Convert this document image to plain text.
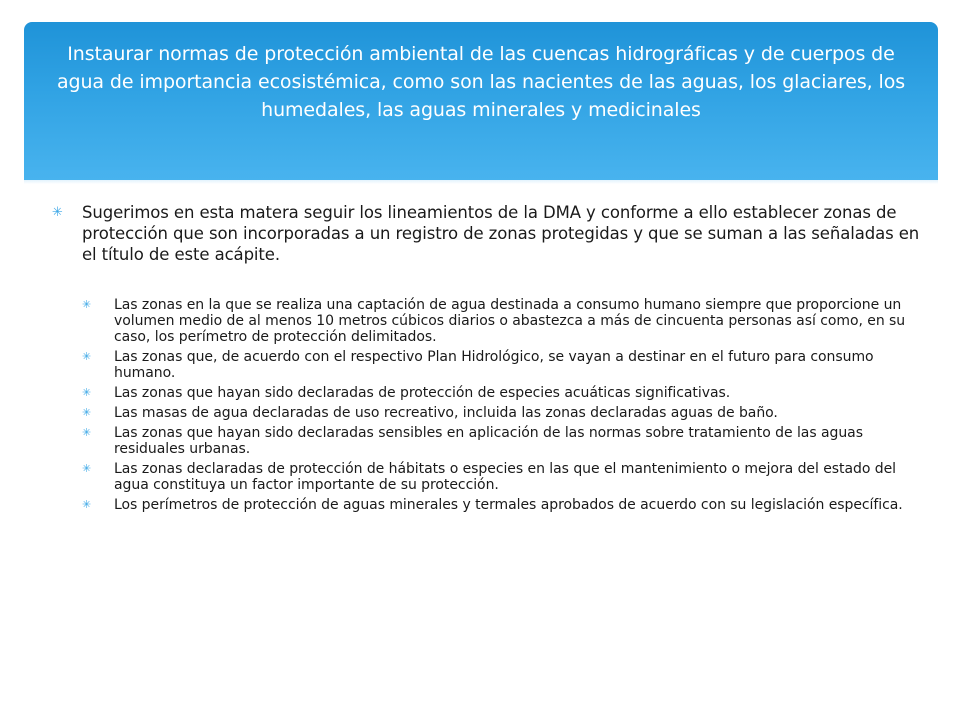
Instaurar normas de protección ambiental de las cuencas hidrográficas y de cuerpos de agua de importancia ecosistémica, como son las nacientes de las aguas, los glaciares, los humedales, las aguas minerales y medicinales
✳ Sugerimos en esta matera seguir los lineamientos de la DMA y conforme a ello establecer zonas de protección que son incorporadas a un registro de zonas protegidas y que se suman a las señaladas en el título de este acápite.
✳ Las zonas en la que se realiza una captación de agua destinada a consumo humano siempre que proporcione un volumen medio de al menos 10 metros cúbicos diarios o abastezca a más de cincuenta personas así como, en su caso, los perímetro de protección delimitados.
✳ Las zonas que, de acuerdo con el respectivo Plan Hidrológico, se vayan a destinar en el futuro para consumo humano.
✳ Las zonas que hayan sido declaradas de protección de especies acuáticas significativas.
✳ Las masas de agua declaradas de uso recreativo, incluida las zonas declaradas aguas de baño.
✳ Las zonas que hayan sido declaradas sensibles en aplicación de las normas sobre tratamiento de las aguas residuales urbanas.
✳ Las zonas declaradas de protección de hábitats o especies en las que el mantenimiento o mejora del estado del agua constituya un factor importante de su protección.
✳ Los perímetros de protección de aguas minerales y termales aprobados de acuerdo con su legislación específica.
